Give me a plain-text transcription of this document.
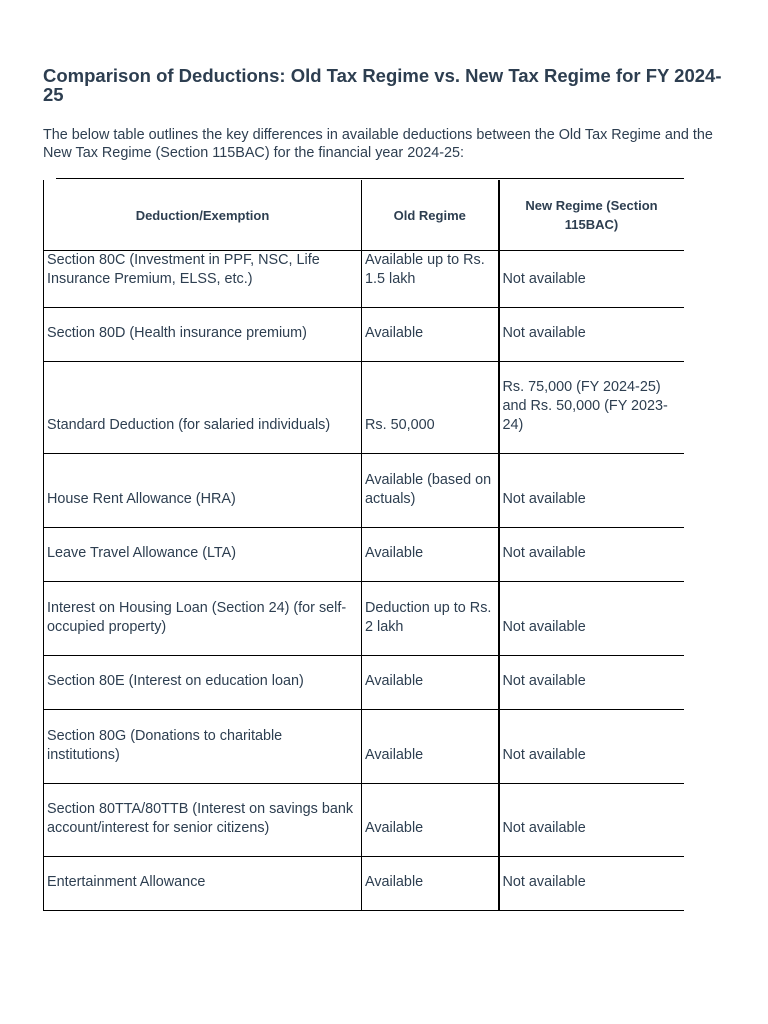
Comparison of Deductions: Old Tax Regime vs. New Tax Regime for FY 2024-25

The below table outlines the key differences in available deductions between the Old Tax Regime and the New Tax Regime (Section 115BAC) for the financial year 2024-25:

Deduction/Exemption	Old Regime	New Regime (Section 115BAC)
Section 80C (Investment in PPF, NSC, Life Insurance Premium, ELSS, etc.)	Available up to Rs. 1.5 lakh	Not available
Section 80D (Health insurance premium)	Available	Not available
Standard Deduction (for salaried individuals)	Rs. 50,000	Rs. 75,000 (FY 2024-25) and Rs. 50,000 (FY 2023-24)
House Rent Allowance (HRA)	Available (based on actuals)	Not available
Leave Travel Allowance (LTA)	Available	Not available
Interest on Housing Loan (Section 24) (for self-occupied property)	Deduction up to Rs. 2 lakh	Not available
Section 80E (Interest on education loan)	Available	Not available
Section 80G (Donations to charitable institutions)	Available	Not available
Section 80TTA/80TTB (Interest on savings bank account/interest for senior citizens)	Available	Not available
Entertainment Allowance	Available	Not available
